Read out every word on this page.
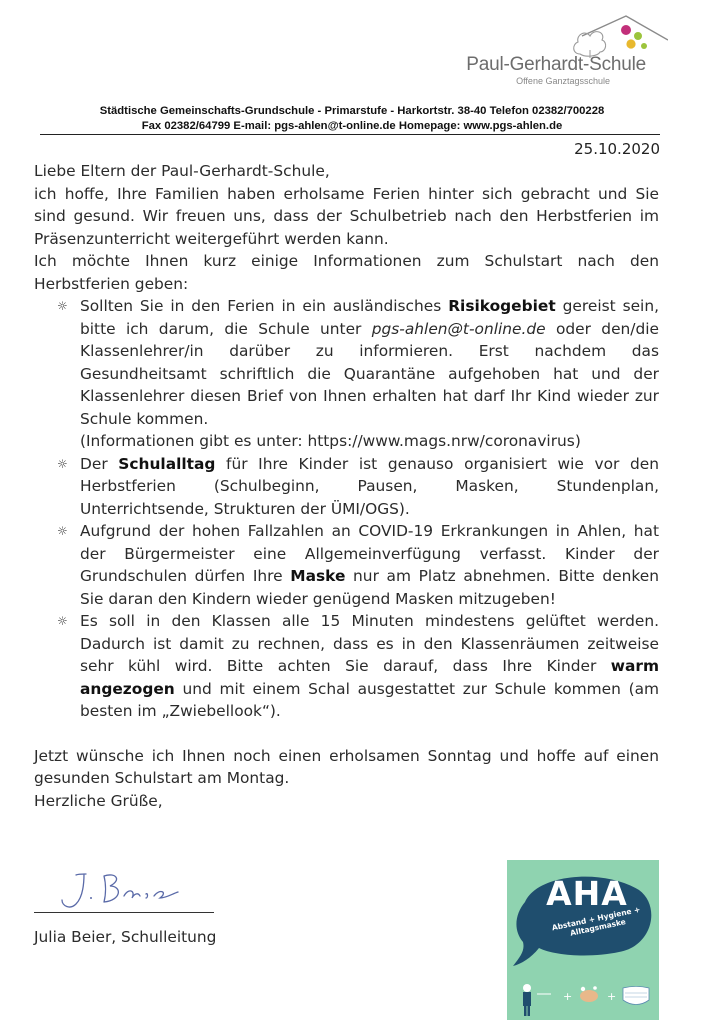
Paul-Gerhardt-Schule
Offene Ganztagsschule
Städtische Gemeinschafts-Grundschule - Primarstufe - Harkortstr. 38-40 Telefon 02382/700228
Fax 02382/64799 E-mail: pgs-ahlen@t-online.de Homepage: www.pgs-ahlen.de
25.10.2020

Liebe Eltern der Paul-Gerhardt-Schule,

ich hoffe, Ihre Familien haben erholsame Ferien hinter sich gebracht und Sie sind gesund. Wir freuen uns, dass der Schulbetrieb nach den Herbstferien im Präsenzunterricht weitergeführt werden kann.

Ich möchte Ihnen kurz einige Informationen zum Schulstart nach den Herbstferien geben:

☼ Sollten Sie in den Ferien in ein ausländisches Risikogebiet gereist sein, bitte ich darum, die Schule unter pgs-ahlen@t-online.de oder den/die Klassenlehrer/in darüber zu informieren. Erst nachdem das Gesundheitsamt schriftlich die Quarantäne aufgehoben hat und der Klassenlehrer diesen Brief von Ihnen erhalten hat darf Ihr Kind wieder zur Schule kommen.
(Informationen gibt es unter: https://www.mags.nrw/coronavirus)
☼ Der Schulalltag für Ihre Kinder ist genauso organisiert wie vor den Herbstferien (Schulbeginn, Pausen, Masken, Stundenplan, Unterrichtsende, Strukturen der ÜMI/OGS).
☼ Aufgrund der hohen Fallzahlen an COVID-19 Erkrankungen in Ahlen, hat der Bürgermeister eine Allgemeinverfügung verfasst. Kinder der Grundschulen dürfen Ihre Maske nur am Platz abnehmen. Bitte denken Sie daran den Kindern wieder genügend Masken mitzugeben!
☼ Es soll in den Klassen alle 15 Minuten mindestens gelüftet werden. Dadurch ist damit zu rechnen, dass es in den Klassenräumen zeitweise sehr kühl wird. Bitte achten Sie darauf, dass Ihre Kinder warm angezogen und mit einem Schal ausgestattet zur Schule kommen (am besten im „Zwiebellook“).

Jetzt wünsche ich Ihnen noch einen erholsamen Sonntag und hoffe auf einen gesunden Schulstart am Montag.

Herzliche Grüße,

Julia Beier, Schulleitung
+	+
AHA
Abstand + Hygiene + Alltagsmaske
